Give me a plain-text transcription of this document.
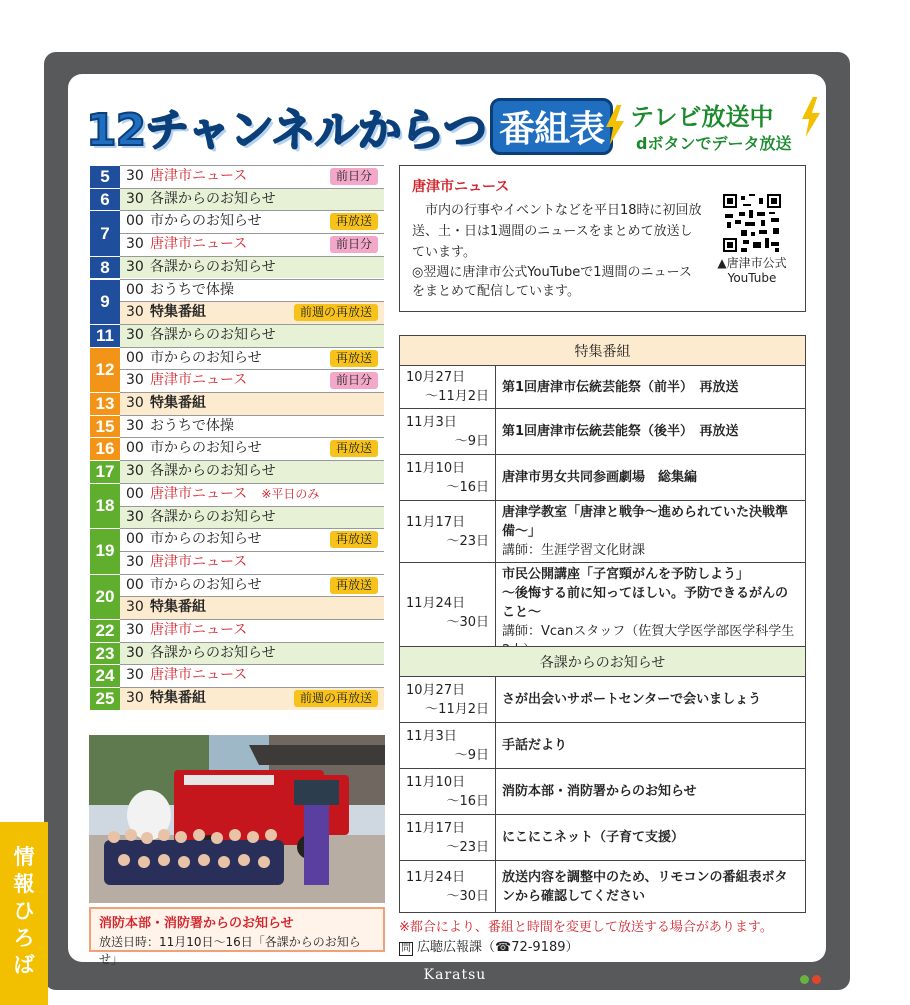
12チャンネルからつ 番組表	テレビ放送中
dボタンでデータ放送
5	30 唐津市ニュース	前日分
6	30 各課からのお知らせ
7
00 市からのお知らせ	再放送
30 唐津市ニュース	前日分
8	30 各課からのお知らせ
9
00 おうちで体操
30 特集番組	前週の再放送
11 30 各課からのお知らせ
12
00 市からのお知らせ	再放送
30 唐津市ニュース	前日分
13 30 特集番組
15 30 おうちで体操
16 00 市からのお知らせ	再放送
17 30 各課からのお知らせ
18
00 唐津市ニュース ※平日のみ
30 各課からのお知らせ
19
00 市からのお知らせ	再放送
30 唐津市ニュース
20
00 市からのお知らせ	再放送
30 特集番組
22 30 唐津市ニュース
23 30 各課からのお知らせ
24 30 唐津市ニュース
25 30 特集番組	前週の再放送
唐津市ニュース
　市内の行事やイベントなどを平日18時に初回放送、土・日は1週間のニュースをまとめて放送しています。
◎翌週に唐津市公式YouTubeで1週間のニュースをまとめて配信しています。
▲唐津市公式YouTube
特集番組	
10月27日
～11月2日	第1回唐津市伝統芸能祭（前半）　再放送
11月3日
～9日	第1回唐津市伝統芸能祭（後半）　再放送
11月10日
～16日	唐津市男女共同参画劇場　総集編
11月17日
～23日	唐津学教室「唐津と戦争～進められていた決戦準備～」
講師：生涯学習文化財課

11月24日
～30日	市民公開講座「子宮頸がんを予防しよう」
～後悔する前に知ってほしい。予防できるがんのこと～
講師：Vcanスタッフ（佐賀大学医学部医学科学生
各課からのお知らせ	
10月27日
～11月2日	さが出会いサポートセンターで会いましょう
11月3日
～9日	手話だより
11月10日
～16日	消防本部・消防署からのお知らせ
11月17日
～23日	にこにこネット（子育て支援）
11月24日
～30日	放送内容を調整中のため、リモコンの番組表ボタンから確認してください
消防本部・消防署からのお知らせ
放送日時：11月10日～16日「各課からのお知らせ」
※都合により、番組と時間を変更して放送する場合があります。
問 広聴広報課（☎72-9189）
Karatsu
情
報
ひ
ろ
ば
